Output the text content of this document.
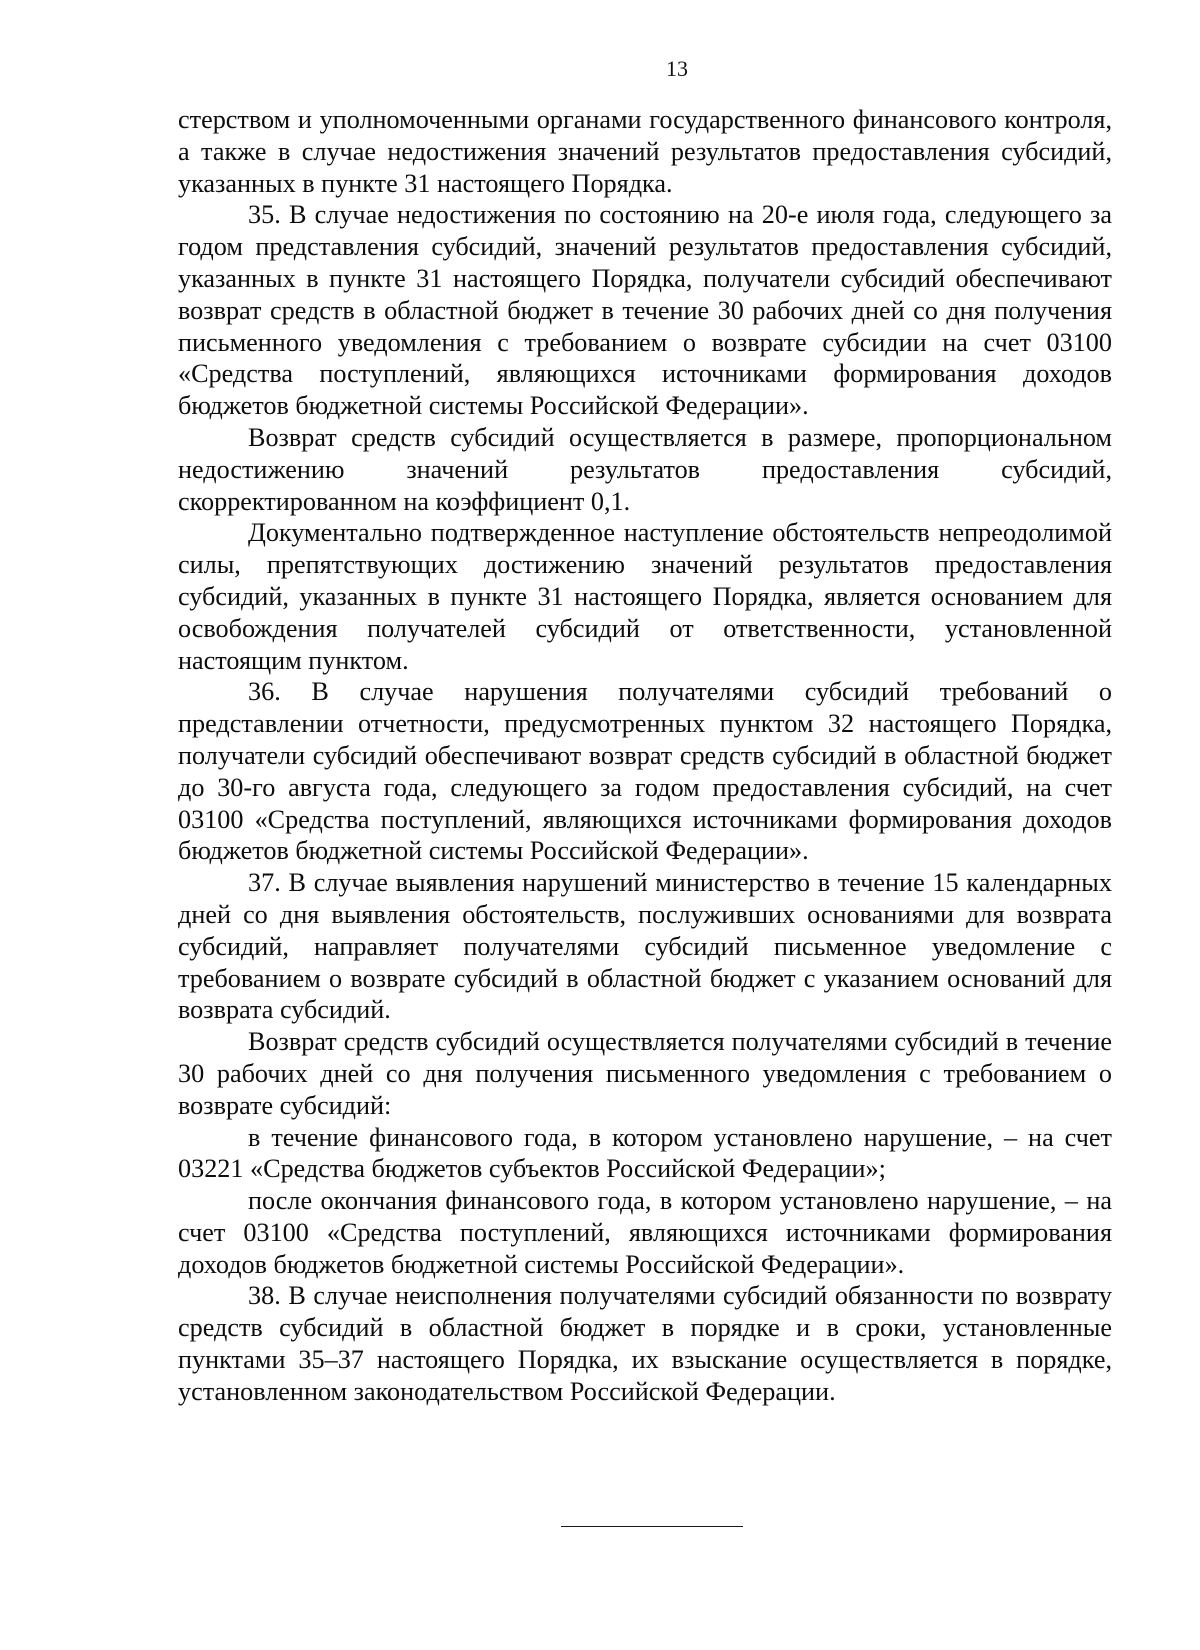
13

стерством и уполномоченными органами государственного финансового контроля, а также в случае недостижения значений результатов предоставления субсидий, указанных в пункте 31 настоящего Порядка.

35. В случае недостижения по состоянию на 20-е июля года, следующего за годом представления субсидий, значений результатов предоставления субсидий, указанных в пункте 31 настоящего Порядка, получатели субсидий обеспечивают возврат средств в областной бюджет в течение 30 рабочих дней со дня получения письменного уведомления с требованием о возврате субсидии на счет 03100 «Средства поступлений, являющихся источниками формирования доходов бюджетов бюджетной системы Российской Федерации».

Возврат средств субсидий осуществляется в размере, пропорциональном недостижению значений результатов предоставления субсидий, скорректированном на коэффициент 0,1.

Документально подтвержденное наступление обстоятельств непреодолимой силы, препятствующих достижению значений результатов предоставления субсидий, указанных в пункте 31 настоящего Порядка, является основанием для освобождения получателей субсидий от ответственности, установленной настоящим пунктом.

36. В случае нарушения получателями субсидий требований о представлении отчетности, предусмотренных пунктом 32 настоящего Порядка, получатели субсидий обеспечивают возврат средств субсидий в областной бюджет до 30-го августа года, следующего за годом предоставления субсидий, на счет 03100 «Средства поступлений, являющихся источниками формирования доходов бюджетов бюджетной системы Российской Федерации».

37. В случае выявления нарушений министерство в течение 15 календарных дней со дня выявления обстоятельств, послуживших основаниями для возврата субсидий, направляет получателями субсидий письменное уведомление с требованием о возврате субсидий в областной бюджет с указанием оснований для возврата субсидий.

Возврат средств субсидий осуществляется получателями субсидий в течение 30 рабочих дней со дня получения письменного уведомления с требованием о возврате субсидий:

в течение финансового года, в котором установлено нарушение, – на счет 03221 «Средства бюджетов субъектов Российской Федерации»;

после окончания финансового года, в котором установлено нарушение, – на счет 03100 «Средства поступлений, являющихся источниками формирования доходов бюджетов бюджетной системы Российской Федерации».

38. В случае неисполнения получателями субсидий обязанности по возврату средств субсидий в областной бюджет в порядке и в сроки, установленные пунктами 35–37 настоящего Порядка, их взыскание осуществляется в порядке, установленном законодательством Российской Федерации.
